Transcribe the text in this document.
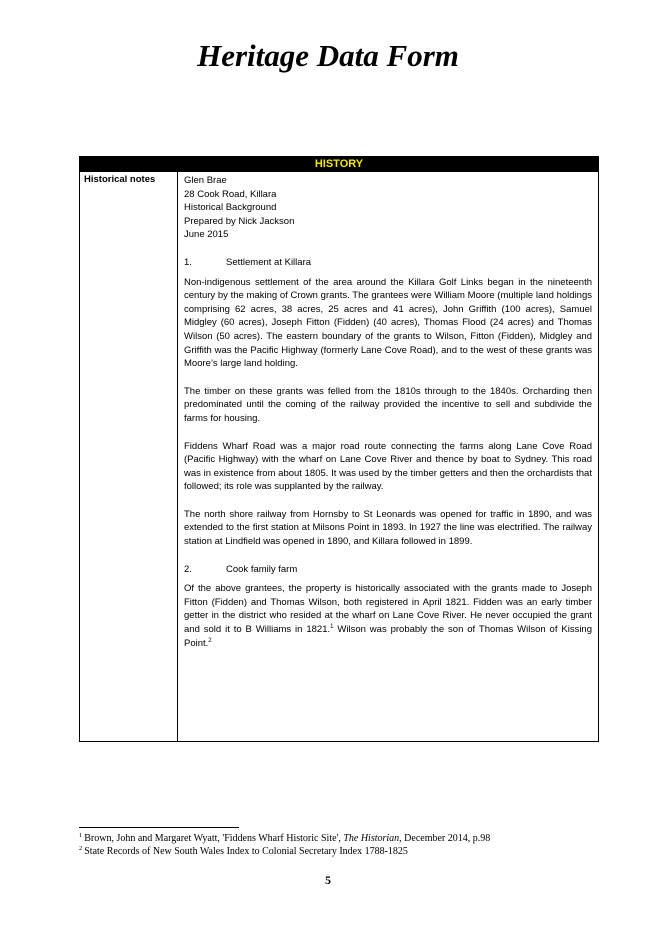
Heritage Data Form
HISTORY
Historical notes	Glen Brae
28 Cook Road, Killara
Historical Background
Prepared by Nick Jackson
June 2015
1.	Settlement at Killara

Non-indigenous settlement of the area around the Killara Golf Links began in the nineteenth century by the making of Crown grants. The grantees were William Moore (multiple land holdings comprising 62 acres, 38 acres, 25 acres and 41 acres), John Griffith (100 acres), Samuel Midgley (60 acres), Joseph Fitton (Fidden) (40 acres), Thomas Flood (24 acres) and Thomas Wilson (50 acres). The eastern boundary of the grants to Wilson, Fitton (Fidden), Midgley and Griffith was the Pacific Highway (formerly Lane Cove Road), and to the west of these grants was Moore’s large land holding.

The timber on these grants was felled from the 1810s through to the 1840s. Orcharding then predominated until the coming of the railway provided the incentive to sell and subdivide the farms for housing.

Fiddens Wharf Road was a major road route connecting the farms along Lane Cove Road (Pacific Highway) with the wharf on Lane Cove River and thence by boat to Sydney. This road was in existence from about 1805. It was used by the timber getters and then the orchardists that followed; its role was supplanted by the railway.

The north shore railway from Hornsby to St Leonards was opened for traffic in 1890, and was extended to the first station at Milsons Point in 1893. In 1927 the line was electrified. The railway station at Lindfield was opened in 1890, and Killara followed in 1899.

2.	Cook family farm

Of the above grantees, the property is historically associated with the grants made to Joseph Fitton (Fidden) and Thomas Wilson, both registered in April 1821. Fidden was an early timber getter in the district who resided at the wharf on Lane Cove River. He never occupied the grant and sold it to B Williams in 1821.$^1$ Wilson was probably the son of Thomas Wilson of Kissing Point.$^2$

$^1$ Brown, John and Margaret Wyatt, 'Fiddens Wharf Historic Site', The Historian, December 2014, p.98
$^2$ State Records of New South Wales Index to Colonial Secretary Index 1788-1825
5
